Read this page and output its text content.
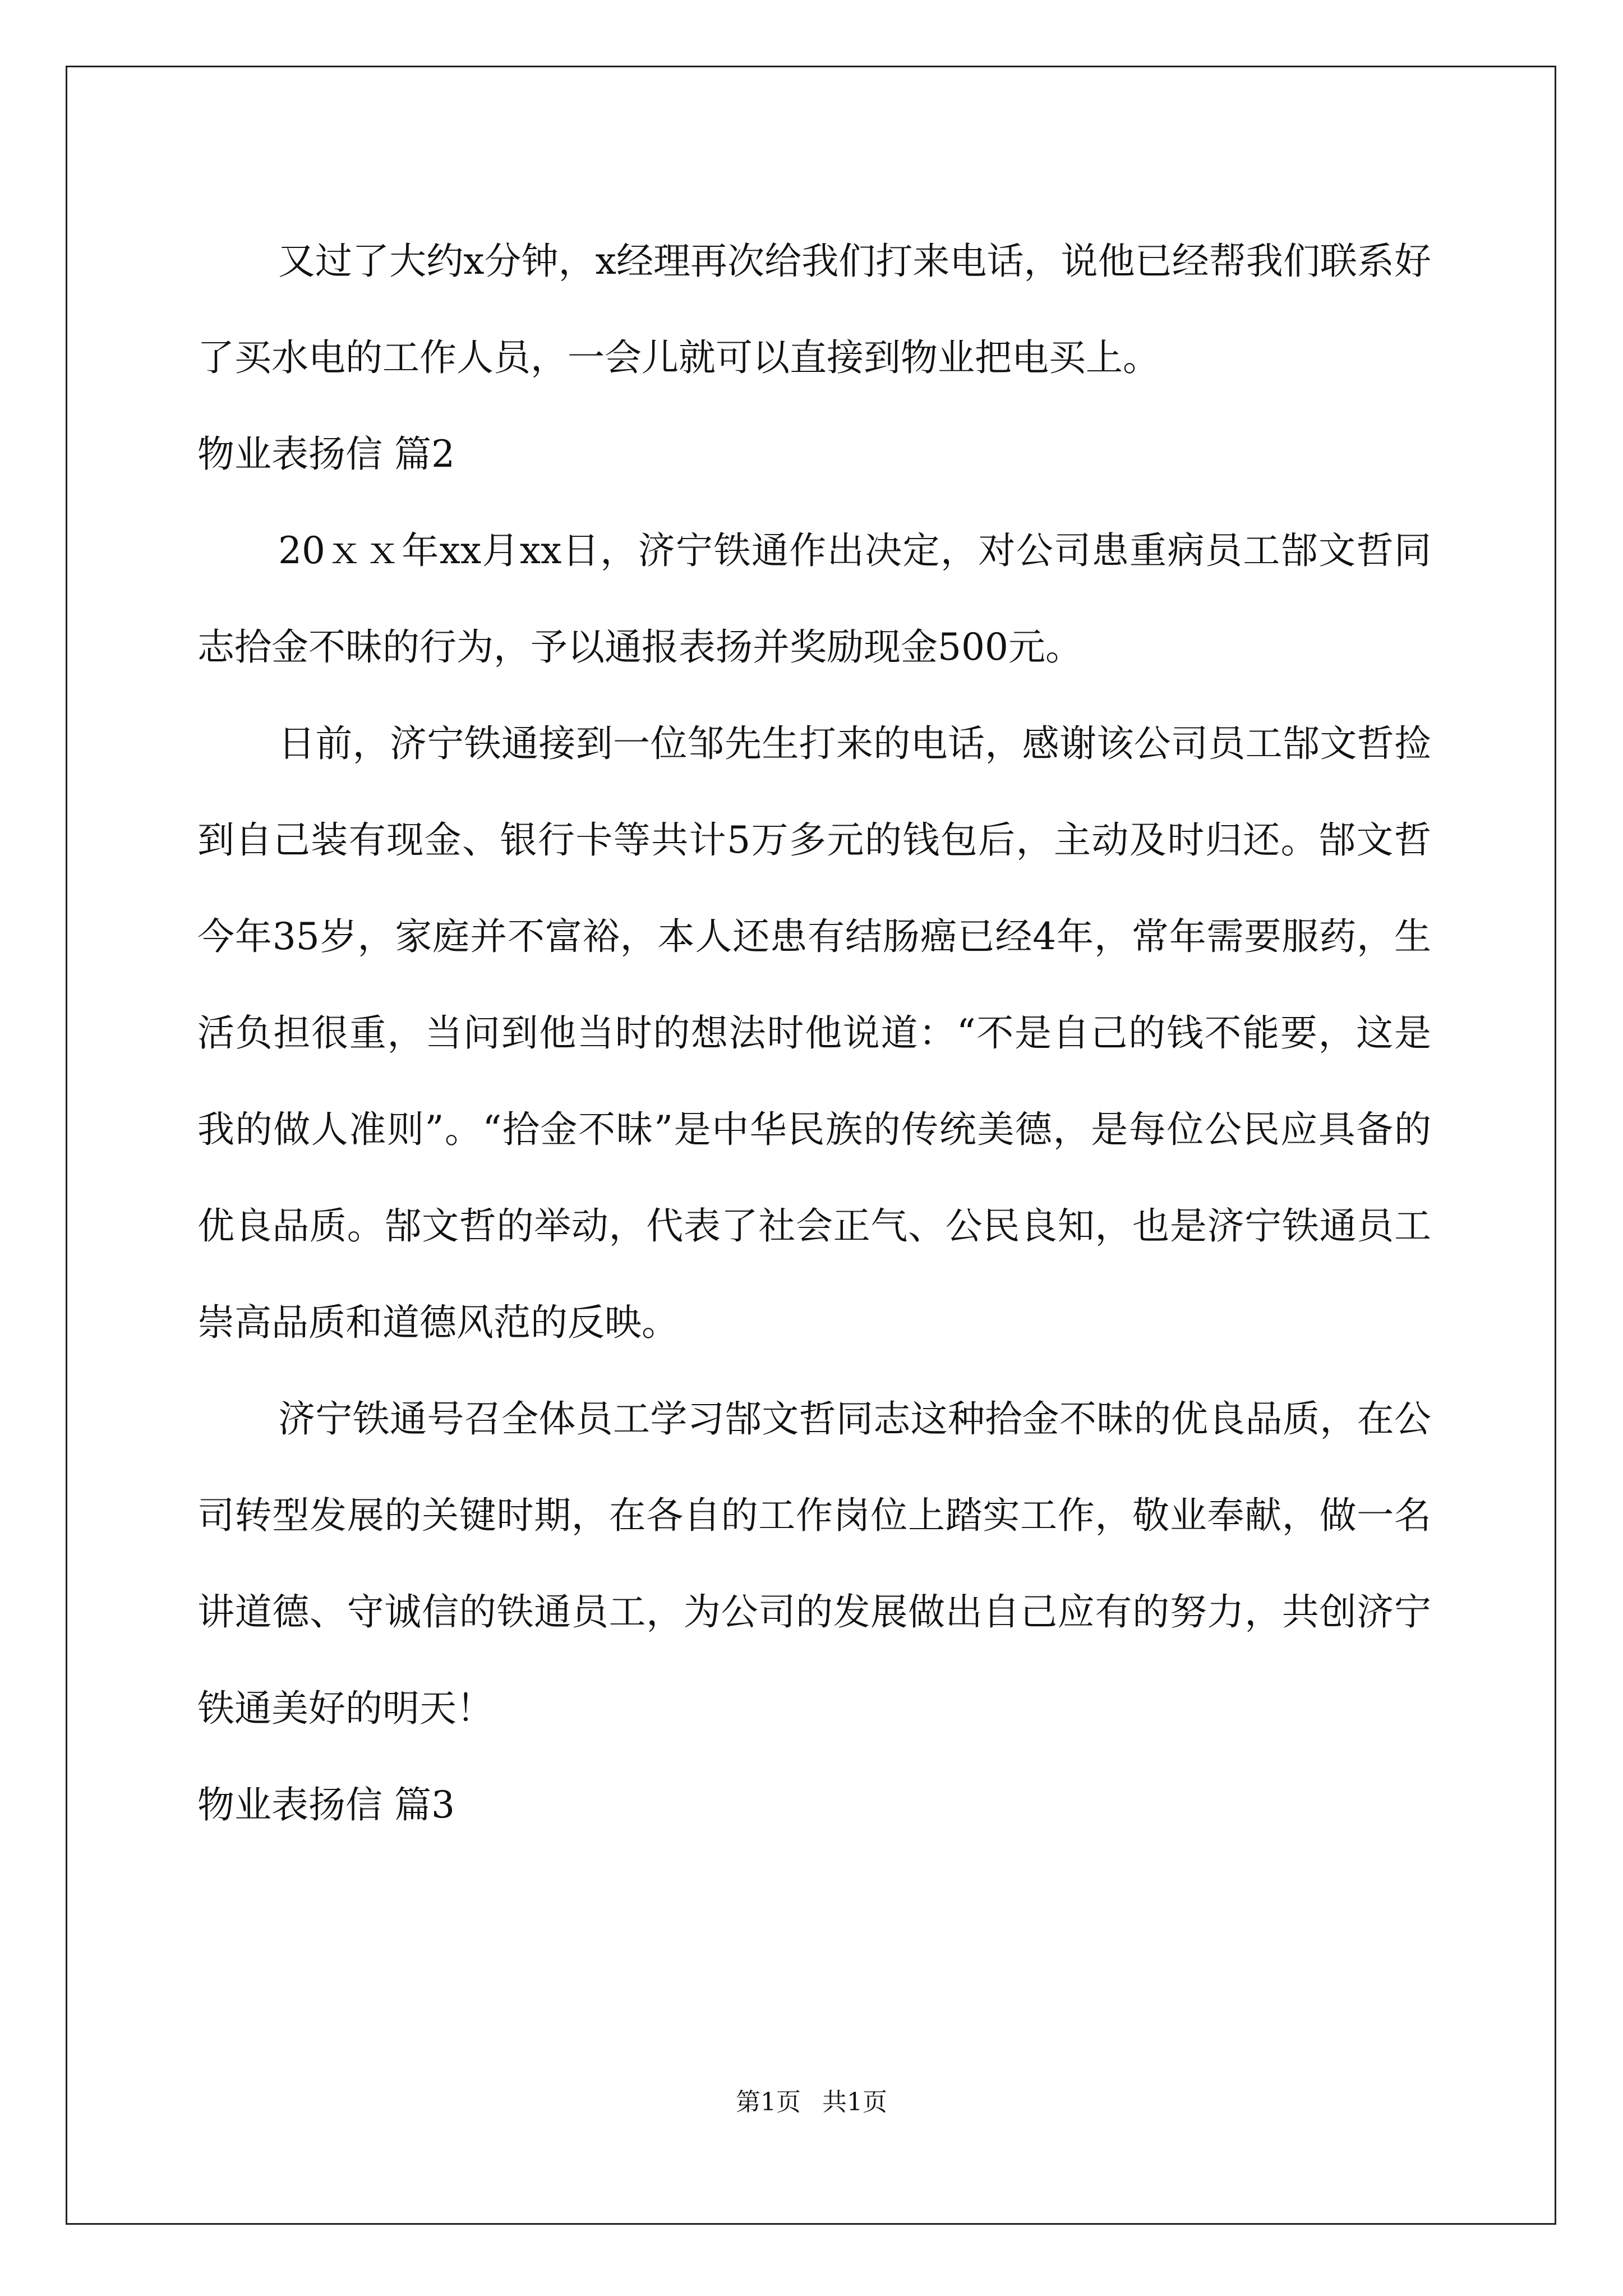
又过了大约x分钟，x经理再次给我们打来电话，说他已经帮我们联系好了买水电的工作人员，一会儿就可以直接到物业把电买上。

物业表扬信 篇2

20ｘｘ年xx月xx日，济宁铁通作出决定，对公司患重病员工郜文哲同志拾金不昧的行为，予以通报表扬并奖励现金500元。

日前，济宁铁通接到一位邹先生打来的电话，感谢该公司员工郜文哲捡到自己装有现金、银行卡等共计5万多元的钱包后，主动及时归还。郜文哲今年35岁，家庭并不富裕，本人还患有结肠癌已经4年，常年需要服药，生活负担很重，当问到他当时的想法时他说道：“不是自己的钱不能要，这是我的做人准则”。“拾金不昧”是中华民族的传统美德，是每位公民应具备的优良品质。郜文哲的举动，代表了社会正气、公民良知，也是济宁铁通员工崇高品质和道德风范的反映。

济宁铁通号召全体员工学习郜文哲同志这种拾金不昧的优良品质，在公司转型发展的关键时期，在各自的工作岗位上踏实工作，敬业奉献，做一名讲道德、守诚信的铁通员工，为公司的发展做出自己应有的努力，共创济宁铁通美好的明天！

物业表扬信 篇3

第1页 共1页
